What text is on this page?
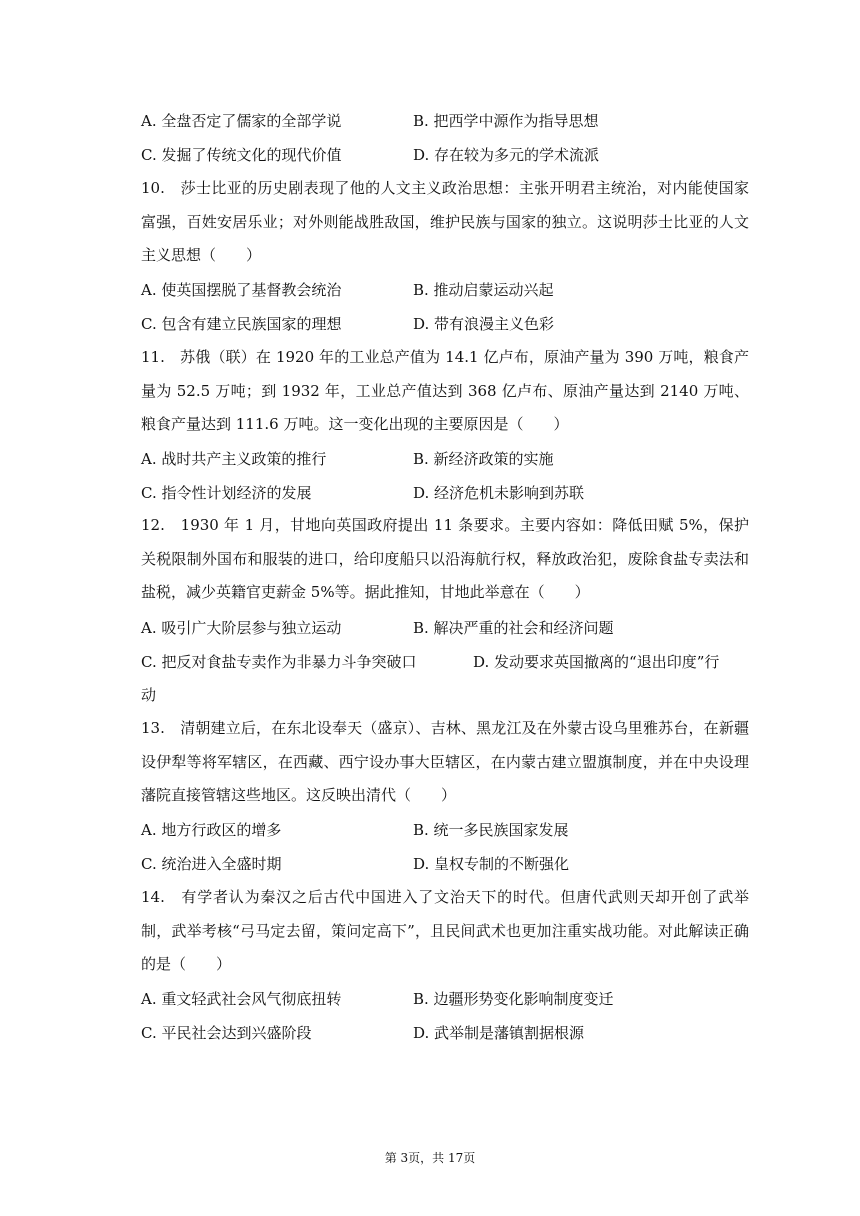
A. 全盘否定了儒家的全部学说	B. 把西学中源作为指导思想
C. 发掘了传统文化的现代价值	D. 存在较为多元的学术流派
10.　莎士比亚的历史剧表现了他的人文主义政治思想：主张开明君主统治，对内能使国家富强，百姓安居乐业；对外则能战胜敌国，维护民族与国家的独立。这说明莎士比亚的人文主义思想（　　）
A. 使英国摆脱了基督教会统治	B. 推动启蒙运动兴起
C. 包含有建立民族国家的理想	D. 带有浪漫主义色彩
11.　苏俄（联）在 1920 年的工业总产值为 14.1 亿卢布，原油产量为 390 万吨，粮食产量为 52.5 万吨；到 1932 年，工业总产值达到 368 亿卢布、原油产量达到 2140 万吨、粮食产量达到 111.6 万吨。这一变化出现的主要原因是（　　）
A. 战时共产主义政策的推行	B. 新经济政策的实施
C. 指令性计划经济的发展	D. 经济危机未影响到苏联
12.　1930 年 1 月，甘地向英国政府提出 11 条要求。主要内容如：降低田赋 5%，保护关税限制外国布和服装的进口，给印度船只以沿海航行权，释放政治犯，废除食盐专卖法和盐税，减少英籍官吏薪金 5%等。据此推知，甘地此举意在（　　）
A. 吸引广大阶层参与独立运动	B. 解决严重的社会和经济问题
C. 把反对食盐专卖作为非暴力斗争突破口	D. 发动要求英国撤离的“退出印度”行
动
13.　清朝建立后，在东北设奉天（盛京）、吉林、黑龙江及在外蒙古设乌里雅苏台，在新疆设伊犁等将军辖区，在西藏、西宁设办事大臣辖区，在内蒙古建立盟旗制度，并在中央设理藩院直接管辖这些地区。这反映出清代（　　）
A. 地方行政区的增多	B. 统一多民族国家发展
C. 统治进入全盛时期	D. 皇权专制的不断强化
14.　有学者认为秦汉之后古代中国进入了文治天下的时代。但唐代武则天却开创了武举制，武举考核“弓马定去留，策问定高下”，且民间武术也更加注重实战功能。对此解读正确的是（　　）
A. 重文轻武社会风气彻底扭转	B. 边疆形势变化影响制度变迁
C. 平民社会达到兴盛阶段	D. 武举制是藩镇割据根源
第 3页，共 17页
